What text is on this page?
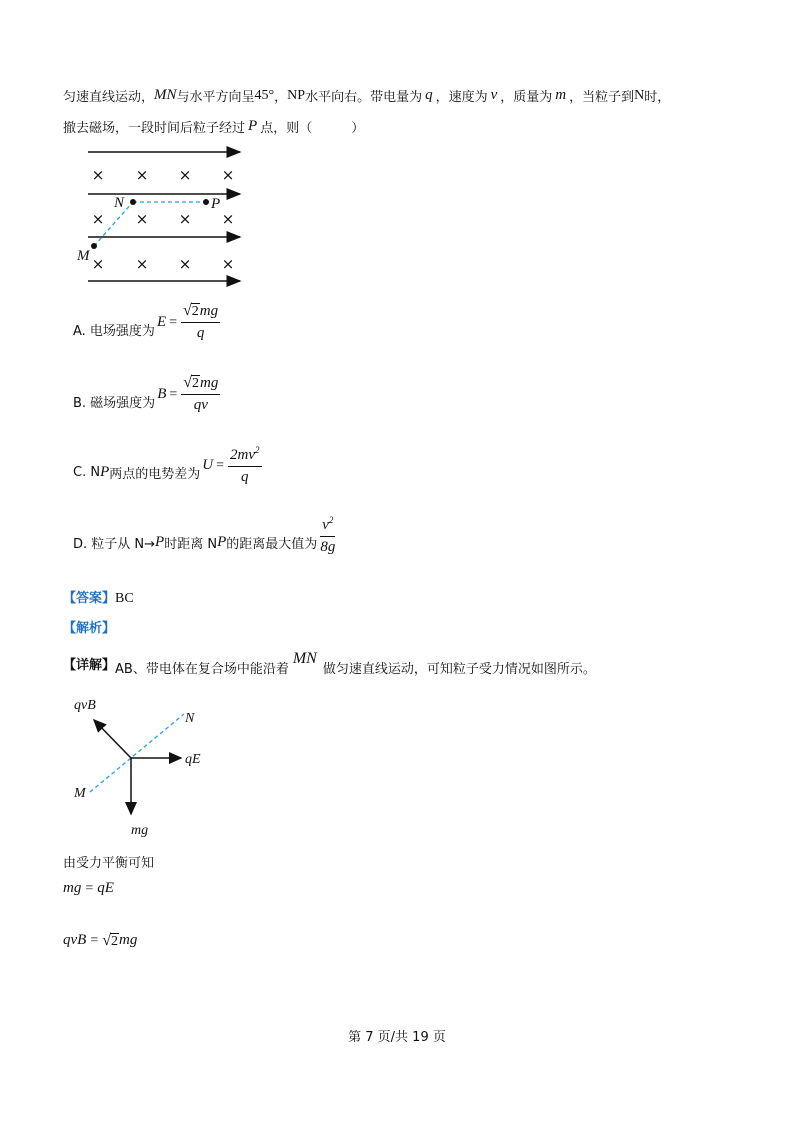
匀速直线运动， MN 与水平方向呈 45° ， NP 水平向右。带电量为 q ，速度为 v ，质量为 m ，当粒子到 N 时，
撤去磁场，一段时间后粒子经过 P 点，则（　　　）
× × × ×
× × × ×
× × × ×
N	P
M
A. 电场强度为
$E = \frac{√ 2 mg}{q}$
B. 磁场强度为
$B = \frac{√ 2 mg}{qv}$
C. N P 两点的电势差为
$U = \frac{2mv^2}{q}$
D. 粒子从 N→ P 时距离 N P 的距离最大值为 $\frac{v^2}{8g}$
【答案】BC
【解析】
【详解】 AB、带电体在复合场中能沿着
MN
做匀速直线运动，可知粒子受力情况如图所示。
qvB
N
qE
M
mg
由受力平衡可知
mg = qE
qvB = √ 2 mg
第 7 页/共 19 页
